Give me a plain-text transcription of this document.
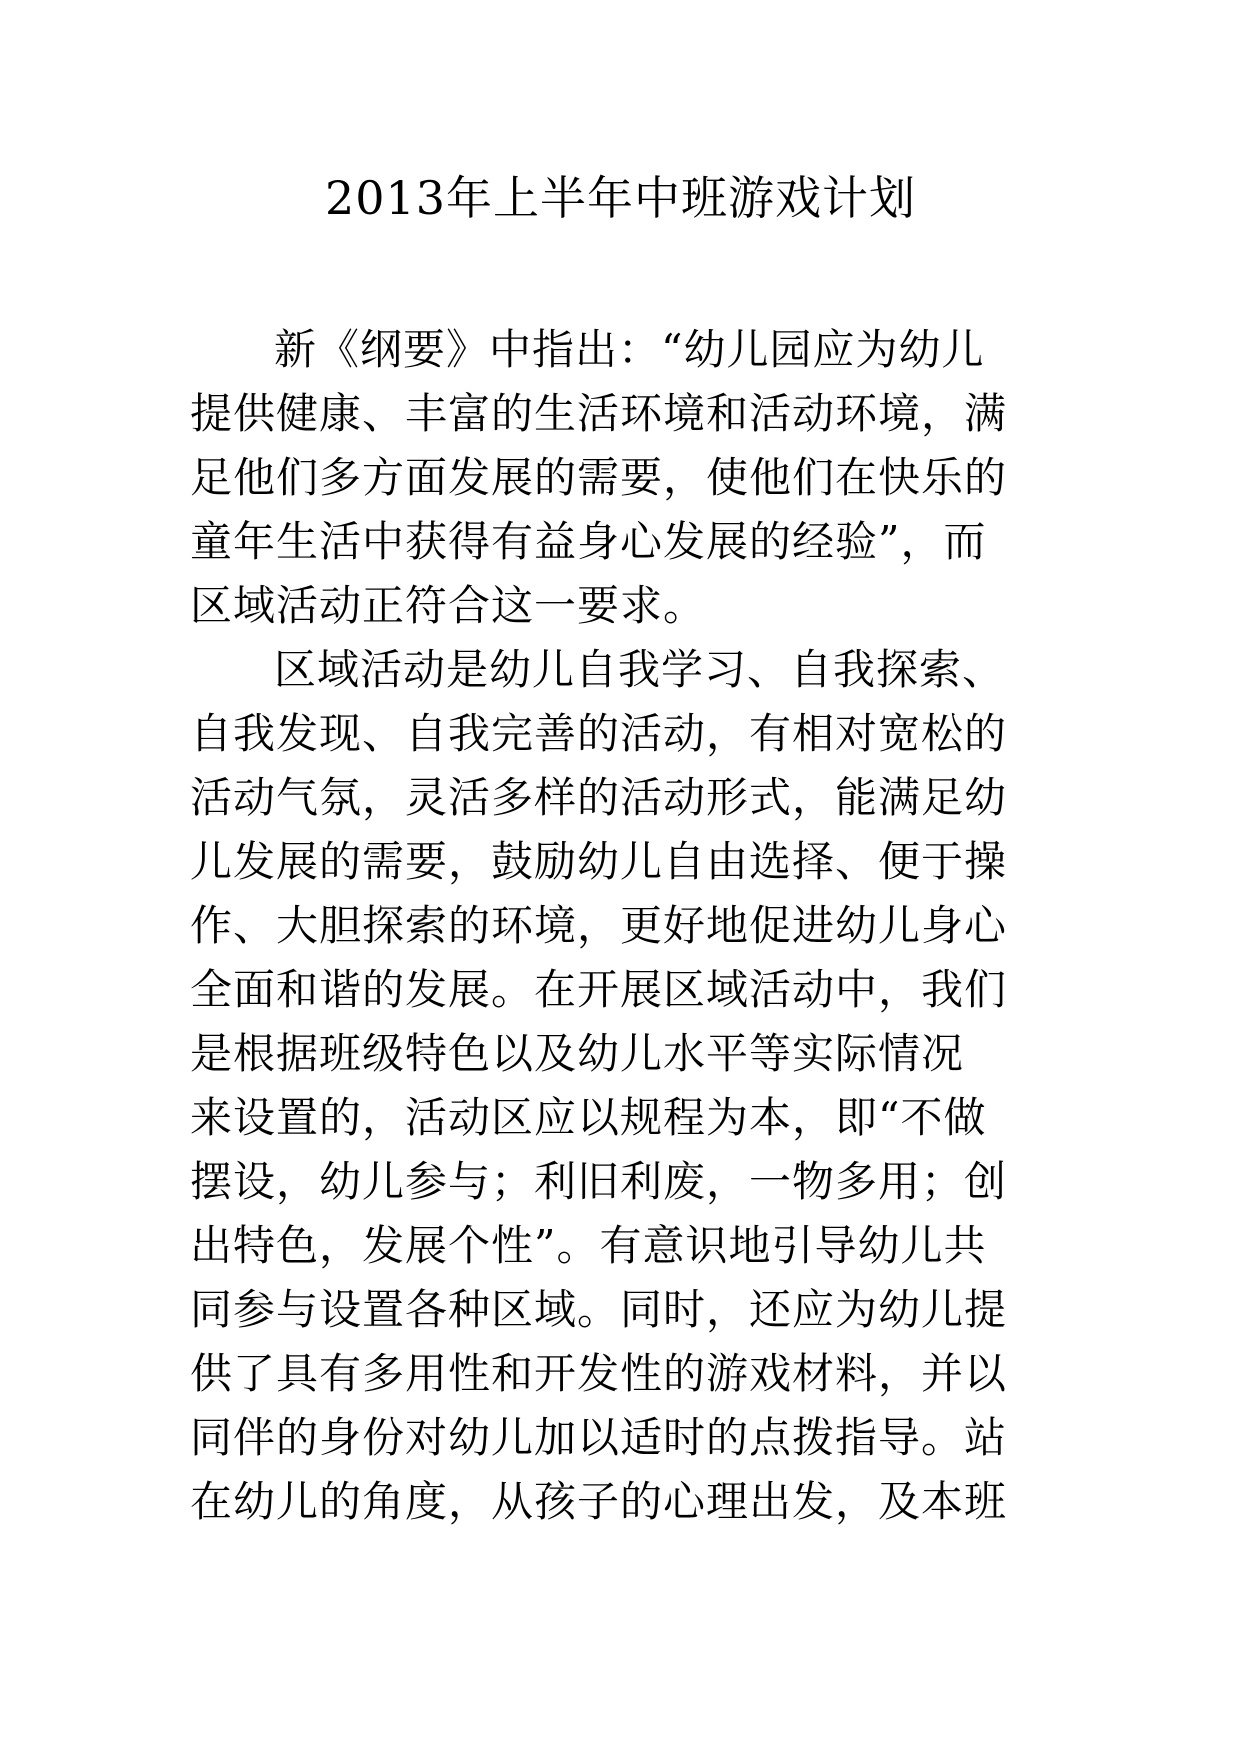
2013年上半年中班游戏计划
新《纲要》中指出：“幼儿园应为幼儿
提供健康、丰富的生活环境和活动环境，满
足他们多方面发展的需要，使他们在快乐的
童年生活中获得有益身心发展的经验”，而
区域活动正符合这一要求。
区域活动是幼儿自我学习、自我探索、
自我发现、自我完善的活动，有相对宽松的
活动气氛，灵活多样的活动形式，能满足幼
儿发展的需要，鼓励幼儿自由选择、便于操
作、大胆探索的环境，更好地促进幼儿身心
全面和谐的发展。在开展区域活动中，我们
是根据班级特色以及幼儿水平等实际情况
来设置的，活动区应以规程为本，即“不做
摆设，幼儿参与；利旧利废，一物多用；创
出特色，发展个性”。有意识地引导幼儿共
同参与设置各种区域。同时，还应为幼儿提
供了具有多用性和开发性的游戏材料，并以
同伴的身份对幼儿加以适时的点拨指导。站
在幼儿的角度，从孩子的心理出发，及本班
